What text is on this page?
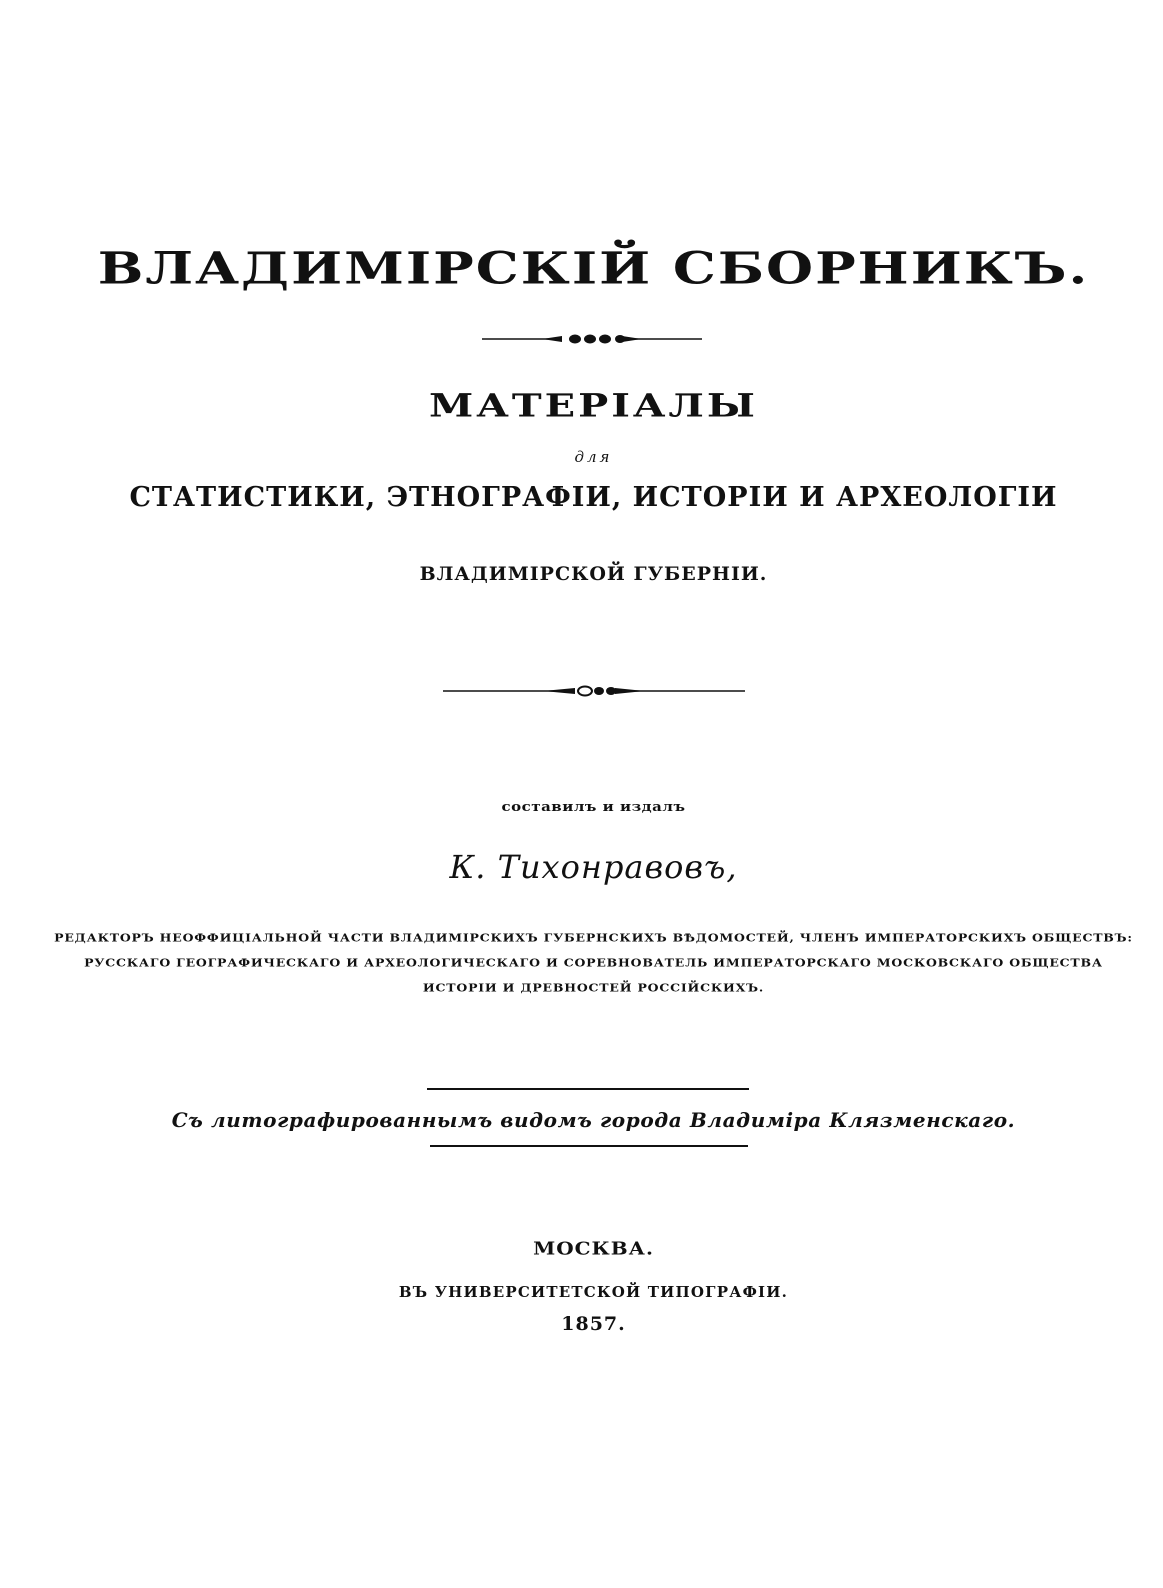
ВЛАДИМІРСКІЙ СБОРНИКЪ.

МАТЕРІАЛЫ

для

СТАТИСТИКИ, ЭТНОГРАФІИ, ИСТОРІИ И АРХЕОЛОГІИ

ВЛАДИМІРСКОЙ ГУБЕРНІИ.

составилъ и издалъ

К. Тихонравовъ,

РЕДАКТОРЪ НЕОФФИЦІАЛЬНОЙ ЧАСТИ ВЛАДИМІРСКИХЪ ГУБЕРНСКИХЪ ВѢДОМОСТЕЙ, ЧЛЕНЪ ИМПЕРАТОРСКИХЪ ОБЩЕСТВЪ:

РУССКАГО ГЕОГРАФИЧЕСКАГО И АРХЕОЛОГИЧЕСКАГО И СОРЕВНОВАТЕЛЬ ИМПЕРАТОРСКАГО МОСКОВСКАГО ОБЩЕСТВА

ИСТОРІИ И ДРЕВНОСТЕЙ РОССІЙСКИХЪ.

Съ литографированнымъ видомъ города Владиміра Клязменскаго.

МОСКВА.

ВЪ УНИВЕРСИТЕТСКОЙ ТИПОГРАФІИ.

1857.
